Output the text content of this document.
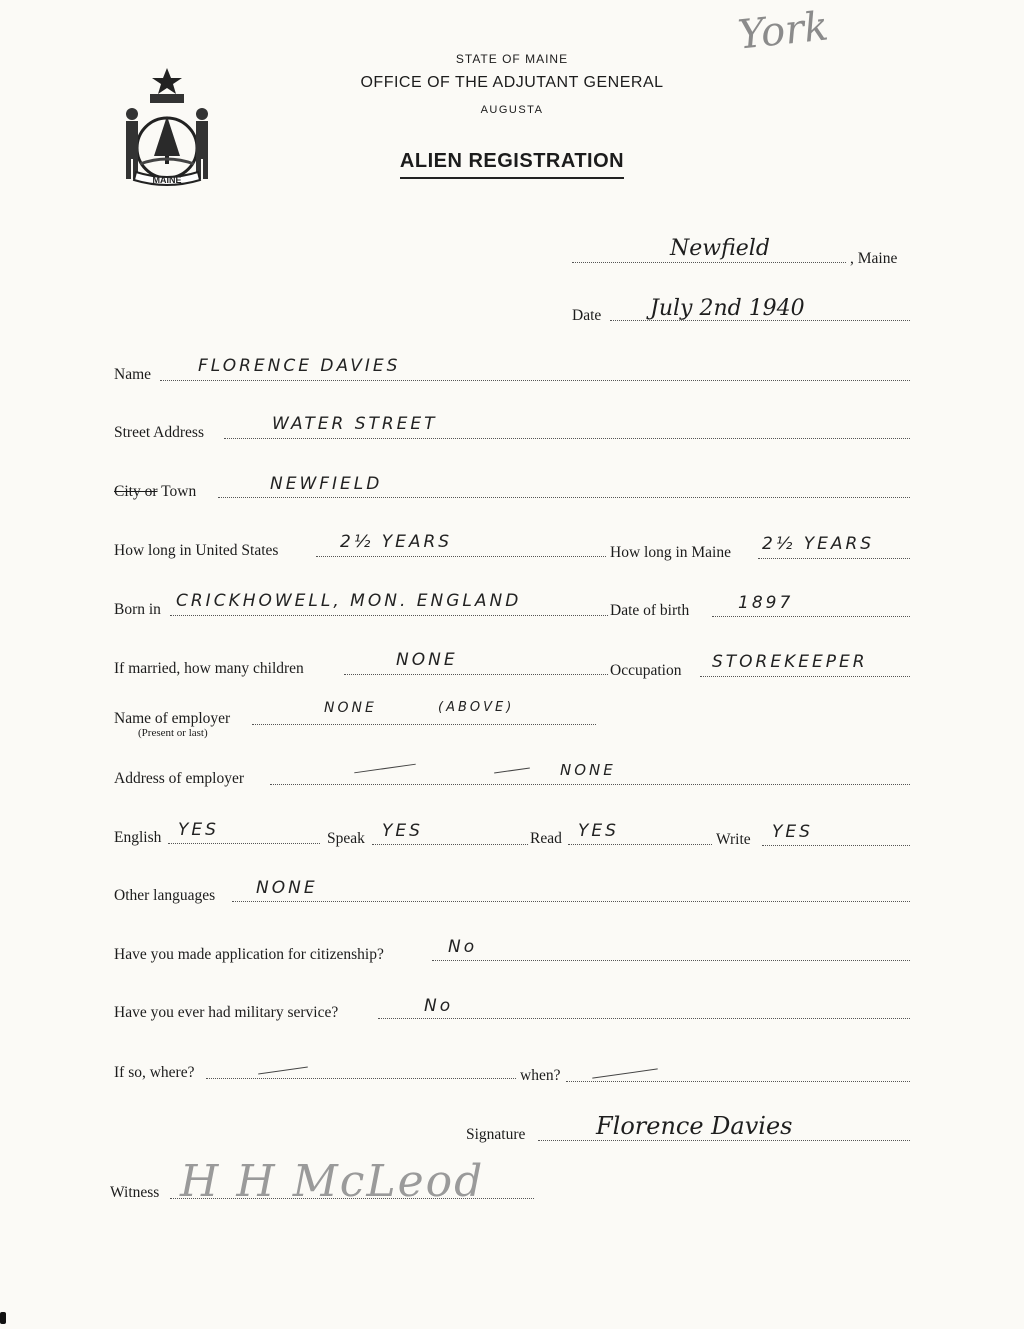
MAINE
STATE OF MAINE
OFFICE OF THE ADJUTANT GENERAL
AUGUSTA
ALIEN REGISTRATION
York
Newfield	, Maine
Date July 2nd 1940
Name	FLORENCE DAVIES
Street Address	WATER STREET
City or Town	NEWFIELD
How long in United States	2½ YEARS
How long in Maine 2½ YEARS
Born in CRICKHOWELL, MON. ENGLAND	Date of birth	1897
If married, how many children	NONE
Occupation STOREKEEPER
Name of employer
(Present or last)
NONE	(ABOVE)
Address of employer	NONE
English YES	Speak YES	Read YES	Write YES
Other languages NONE
Have you made application for citizenship?	No
Have you ever had military service?	No
If so, where?	when?
Signature	Florence Davies
Witness H H McLeod
